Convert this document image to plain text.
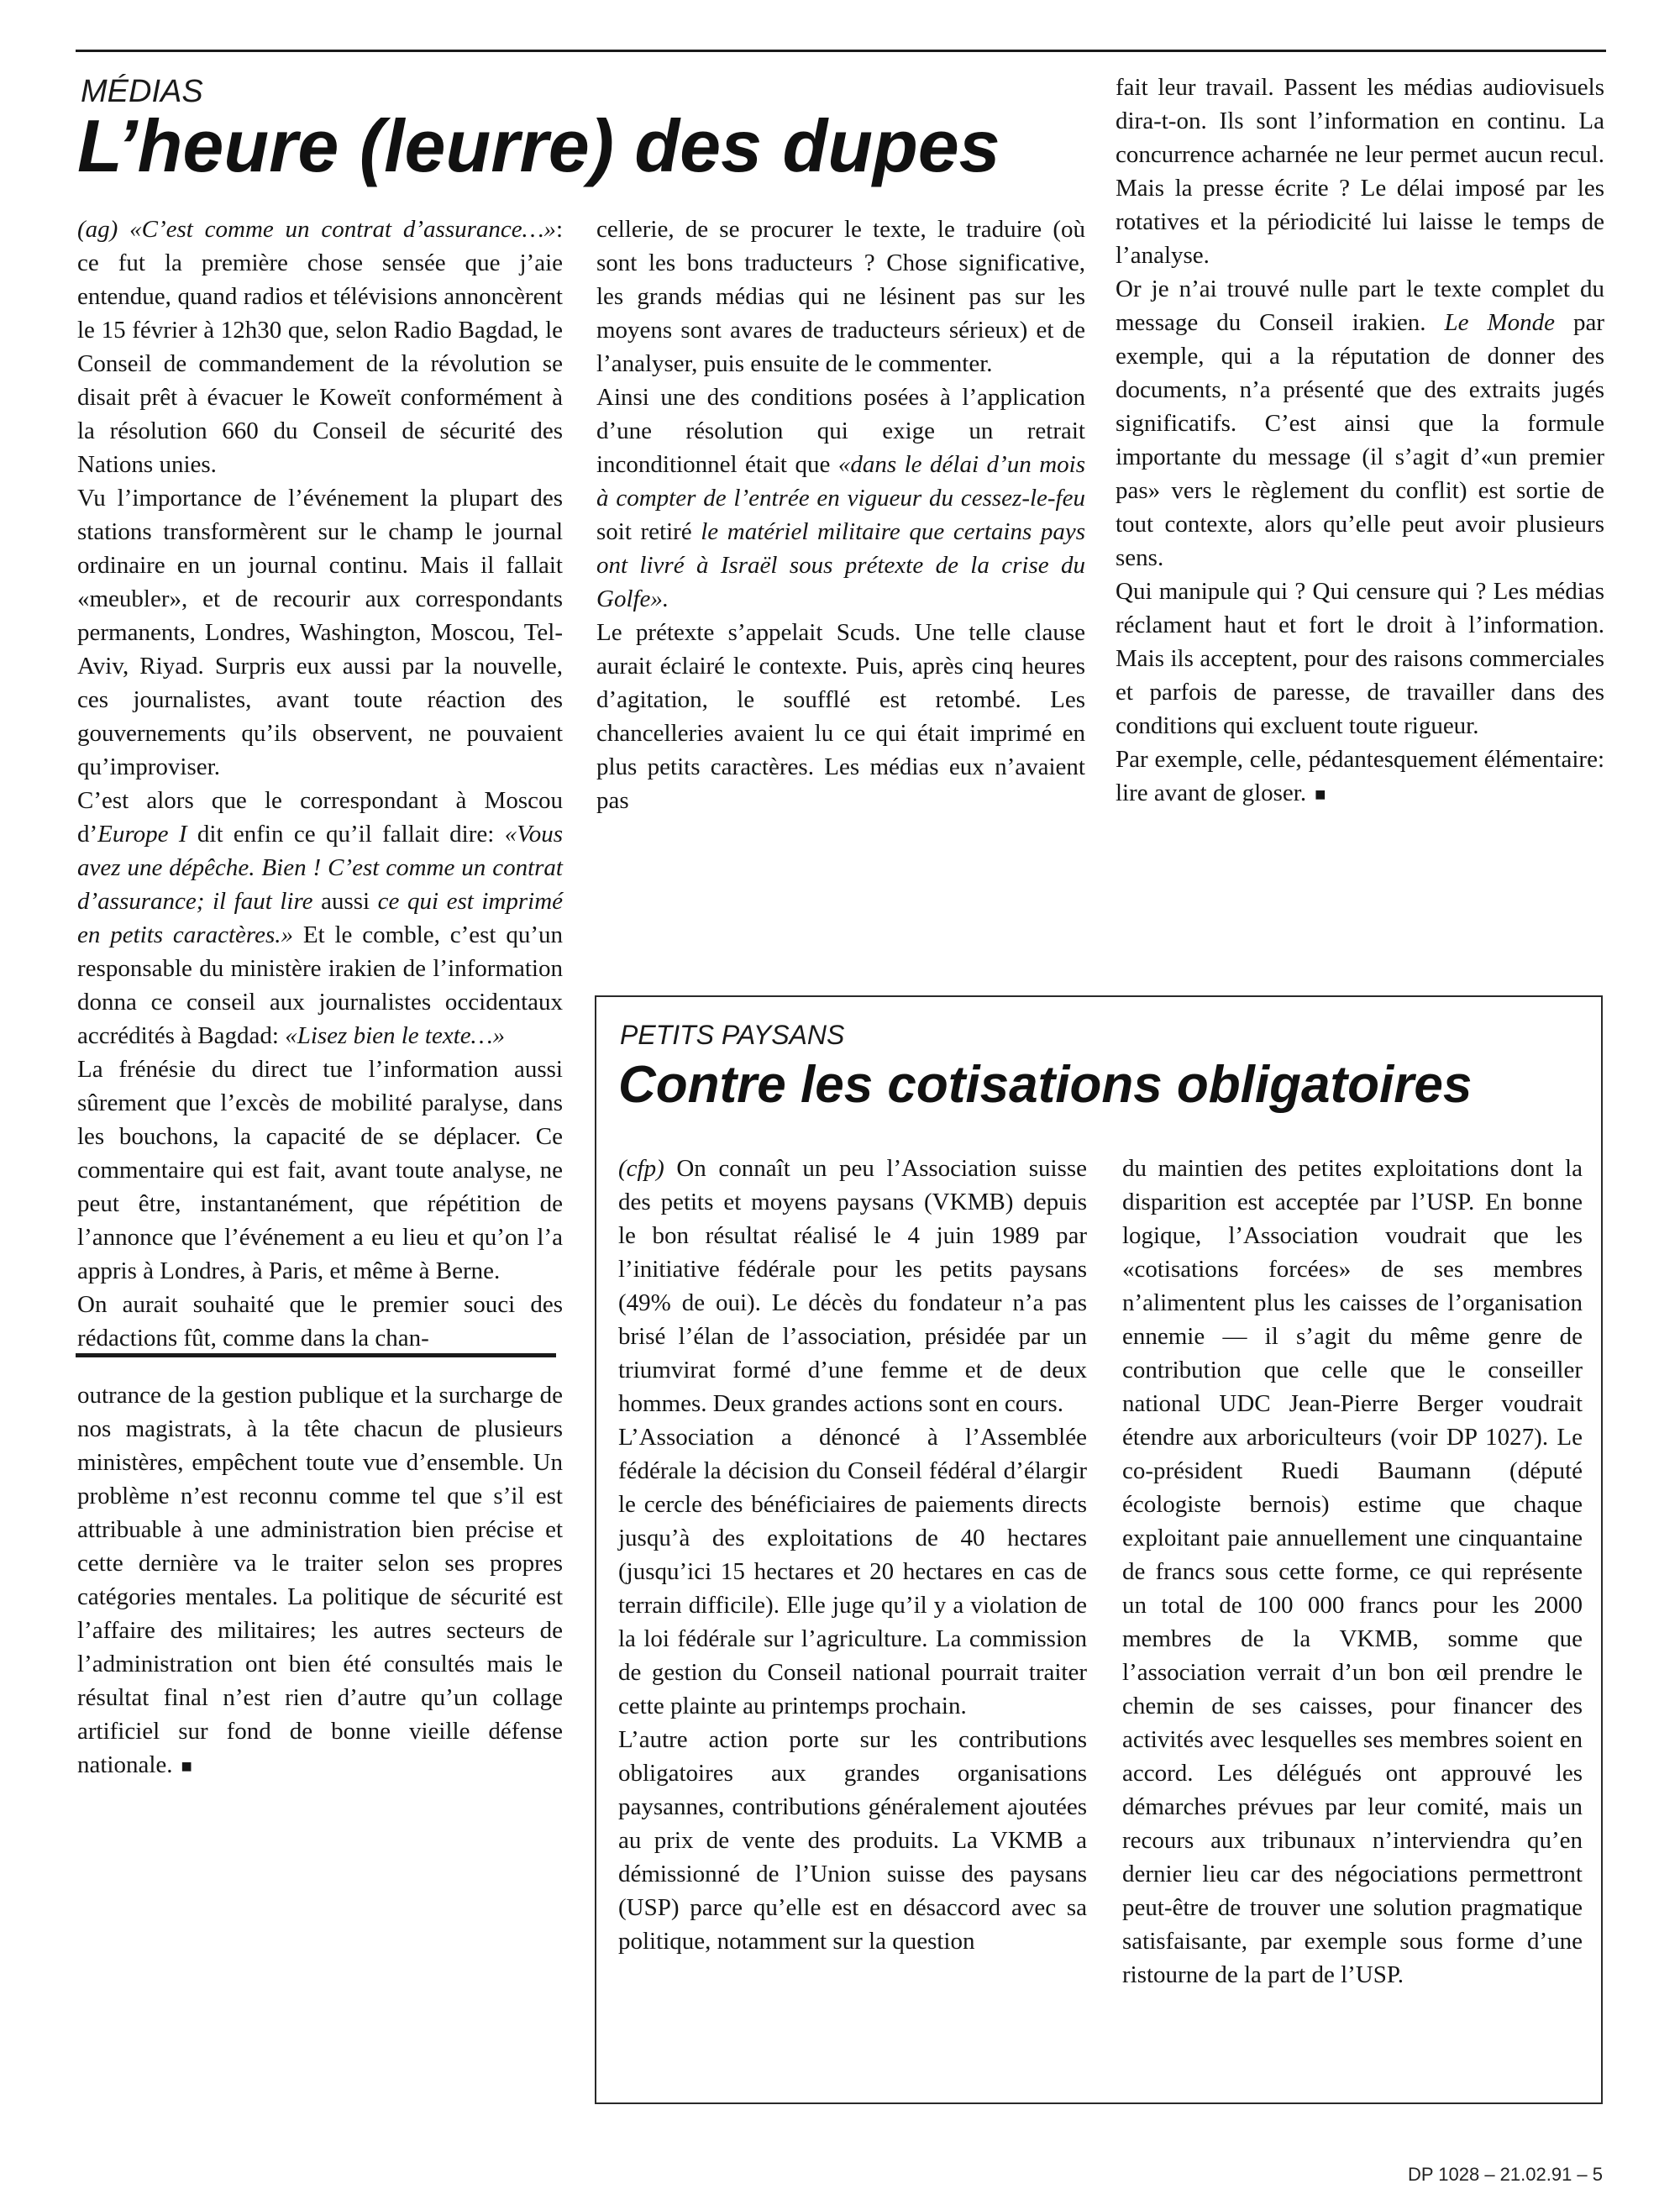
MÉDIAS
L’heure (leurre) des dupes

(ag) «C’est comme un contrat d’assurance…»: ce fut la première chose sensée que j’aie entendue, quand radios et télévisions annoncèrent le 15 février à 12h30 que, selon Radio Bagdad, le Conseil de commandement de la révolution se disait prêt à évacuer le Koweït conformément à la résolution 660 du Conseil de sécurité des Nations unies.

Vu l’importance de l’événement la plupart des stations transformèrent sur le champ le journal ordinaire en un journal continu. Mais il fallait «meubler», et de recourir aux correspondants permanents, Londres, Washington, Moscou, Tel-Aviv, Riyad. Surpris eux aussi par la nouvelle, ces journalistes, avant toute réaction des gouvernements qu’ils observent, ne pouvaient qu’improviser.

C’est alors que le correspondant à Moscou d’Europe I dit enfin ce qu’il fallait dire: «Vous avez une dépêche. Bien ! C’est comme un contrat d’assurance; il faut lire aussi ce qui est imprimé en petits caractères.» Et le comble, c’est qu’un responsable du ministère irakien de l’information donna ce conseil aux journalistes occidentaux accrédités à Bagdad: «Lisez bien le texte…»

La frénésie du direct tue l’information aussi sûrement que l’excès de mobilité paralyse, dans les bouchons, la capacité de se déplacer. Ce commentaire qui est fait, avant toute analyse, ne peut être, instantanément, que répétition de l’annonce que l’événement a eu lieu et qu’on l’a appris à Londres, à Paris, et même à Berne.

On aurait souhaité que le premier souci des rédactions fût, comme dans la chan-

cellerie, de se procurer le texte, le traduire (où sont les bons traducteurs ? Chose significative, les grands médias qui ne lésinent pas sur les moyens sont avares de traducteurs sérieux) et de l’analyser, puis ensuite de le commenter.

Ainsi une des conditions posées à l’application d’une résolution qui exige un retrait inconditionnel était que «dans le délai d’un mois à compter de l’entrée en vigueur du cessez-le-feu soit retiré le matériel militaire que certains pays ont livré à Israël sous prétexte de la crise du Golfe».

Le prétexte s’appelait Scuds. Une telle clause aurait éclairé le contexte. Puis, après cinq heures d’agitation, le soufflé est retombé. Les chancelleries avaient lu ce qui était imprimé en plus petits caractères. Les médias eux n’avaient pas

fait leur travail. Passent les médias audiovisuels dira-t-on. Ils sont l’information en continu. La concurrence acharnée ne leur permet aucun recul. Mais la presse écrite ? Le délai imposé par les rotatives et la périodicité lui laisse le temps de l’analyse.

Or je n’ai trouvé nulle part le texte complet du message du Conseil irakien. Le Monde par exemple, qui a la réputation de donner des documents, n’a présenté que des extraits jugés significatifs. C’est ainsi que la formule importante du message (il s’agit d’«un premier pas» vers le règlement du conflit) est sortie de tout contexte, alors qu’elle peut avoir plusieurs sens.

Qui manipule qui ? Qui censure qui ? Les médias réclament haut et fort le droit à l’information. Mais ils acceptent, pour des raisons commerciales et parfois de paresse, de travailler dans des conditions qui excluent toute rigueur.

Par exemple, celle, pédantesquement élémentaire: lire avant de gloser. ■

outrance de la gestion publique et la surcharge de nos magistrats, à la tête chacun de plusieurs ministères, empêchent toute vue d’ensemble. Un problème n’est reconnu comme tel que s’il est attribuable à une administration bien précise et cette dernière va le traiter selon ses propres catégories mentales. La politique de sécurité est l’affaire des militaires; les autres secteurs de l’administration ont bien été consultés mais le résultat final n’est rien d’autre qu’un collage artificiel sur fond de bonne vieille défense nationale. ■

PETITS PAYSANS
Contre les cotisations obligatoires

(cfp) On connaît un peu l’Association suisse des petits et moyens paysans (VKMB) depuis le bon résultat réalisé le 4 juin 1989 par l’initiative fédérale pour les petits paysans (49% de oui). Le décès du fondateur n’a pas brisé l’élan de l’association, présidée par un triumvirat formé d’une femme et de deux hommes. Deux grandes actions sont en cours.

L’Association a dénoncé à l’Assemblée fédérale la décision du Conseil fédéral d’élargir le cercle des bénéficiaires de paiements directs jusqu’à des exploitations de 40 hectares (jusqu’ici 15 hectares et 20 hectares en cas de terrain difficile). Elle juge qu’il y a violation de la loi fédérale sur l’agriculture. La commission de gestion du Conseil national pourrait traiter cette plainte au printemps prochain.

L’autre action porte sur les contributions obligatoires aux grandes organisations paysannes, contributions généralement ajoutées au prix de vente des produits. La VKMB a démissionné de l’Union suisse des paysans (USP) parce qu’elle est en désaccord avec sa politique, notamment sur la question

du maintien des petites exploitations dont la disparition est acceptée par l’USP. En bonne logique, l’Association voudrait que les «cotisations forcées» de ses membres n’alimentent plus les caisses de l’organisation ennemie — il s’agit du même genre de contribution que celle que le conseiller national UDC Jean-Pierre Berger voudrait étendre aux arboriculteurs (voir DP 1027). Le co-président Ruedi Baumann (député écologiste bernois) estime que chaque exploitant paie annuellement une cinquantaine de francs sous cette forme, ce qui représente un total de 100 000 francs pour les 2000 membres de la VKMB, somme que l’association verrait d’un bon œil prendre le chemin de ses caisses, pour financer des activités avec lesquelles ses membres soient en accord. Les délégués ont approuvé les démarches prévues par leur comité, mais un recours aux tribunaux n’interviendra qu’en dernier lieu car des négociations permettront peut-être de trouver une solution pragmatique satisfaisante, par exemple sous forme d’une ristourne de la part de l’USP.

DP 1028 – 21.02.91 – 5
